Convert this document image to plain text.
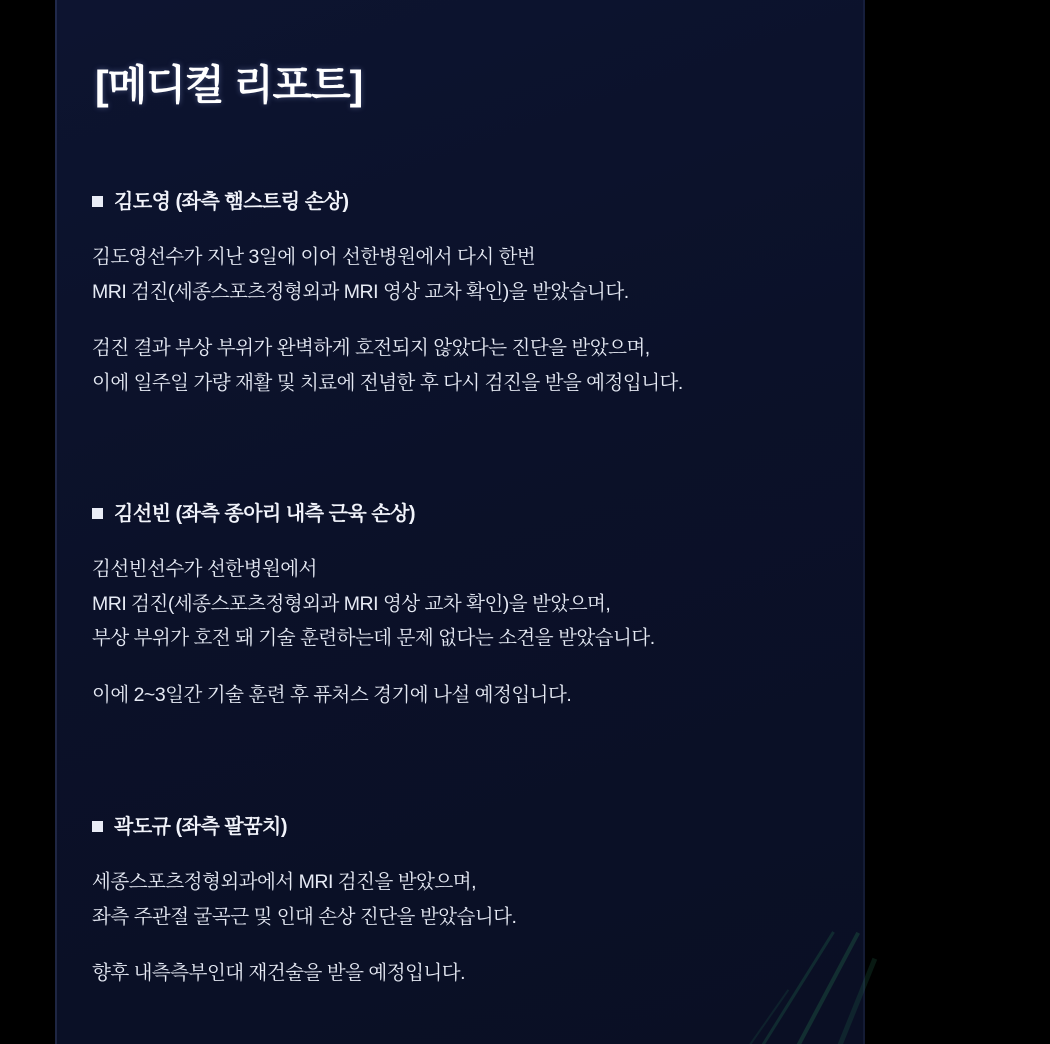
[메디컬 리포트]
김도영 (좌측 햄스트링 손상)

김도영선수가 지난 3일에 이어 선한병원에서 다시 한번

MRI 검진(세종스포츠정형외과 MRI 영상 교차 확인)을 받았습니다.

검진 결과 부상 부위가 완벽하게 호전되지 않았다는 진단을 받았으며,

이에 일주일 가량 재활 및 치료에 전념한 후 다시 검진을 받을 예정입니다.

김선빈 (좌측 종아리 내측 근육 손상)

김선빈선수가 선한병원에서

MRI 검진(세종스포츠정형외과 MRI 영상 교차 확인)을 받았으며,

부상 부위가 호전 돼 기술 훈련하는데 문제 없다는 소견을 받았습니다.

이에 2~3일간 기술 훈련 후 퓨처스 경기에 나설 예정입니다.

곽도규 (좌측 팔꿈치)

세종스포츠정형외과에서 MRI 검진을 받았으며,

좌측 주관절 굴곡근 및 인대 손상 진단을 받았습니다.

향후 내측측부인대 재건술을 받을 예정입니다.
